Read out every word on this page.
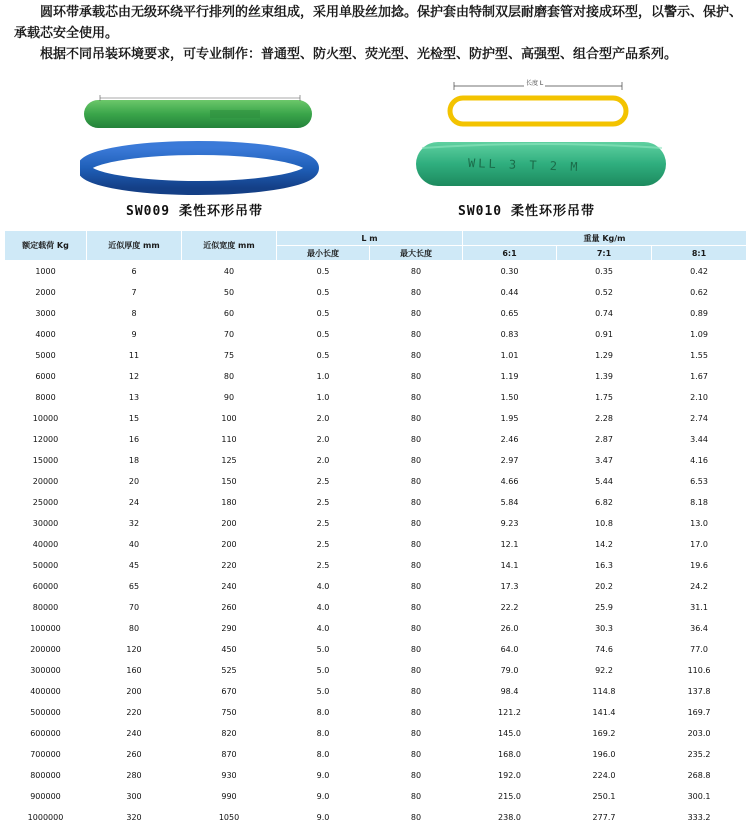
圆环带承载芯由无级环绕平行排列的丝束组成，采用单股丝加捻。保护套由特制双层耐磨套管对接成环型，以警示、保护、承载芯安全使用。

根据不同吊装环境要求，可专业制作：普通型、防火型、荧光型、光检型、防护型、高强型、组合型产品系列。

SW009 柔性环形吊带
长度 L
WLL 3 T 2 M
SW010 柔性环形吊带
额定载荷 Kg	近似厚度 mm	近似宽度 mm	L m		重量 Kg/m		
			最小长度	最大长度	6:1	7:1	8:1
1000	6	40	0.5	80	0.30	0.35	0.42
2000	7	50	0.5	80	0.44	0.52	0.62
3000	8	60	0.5	80	0.65	0.74	0.89
4000	9	70	0.5	80	0.83	0.91	1.09
5000	11	75	0.5	80	1.01	1.29	1.55
6000	12	80	1.0	80	1.19	1.39	1.67
8000	13	90	1.0	80	1.50	1.75	2.10
10000	15	100	2.0	80	1.95	2.28	2.74
12000	16	110	2.0	80	2.46	2.87	3.44
15000	18	125	2.0	80	2.97	3.47	4.16
20000	20	150	2.5	80	4.66	5.44	6.53
25000	24	180	2.5	80	5.84	6.82	8.18
30000	32	200	2.5	80	9.23	10.8	13.0
40000	40	200	2.5	80	12.1	14.2	17.0
50000	45	220	2.5	80	14.1	16.3	19.6
60000	65	240	4.0	80	17.3	20.2	24.2
80000	70	260	4.0	80	22.2	25.9	31.1
100000	80	290	4.0	80	26.0	30.3	36.4
200000	120	450	5.0	80	64.0	74.6	77.0
300000	160	525	5.0	80	79.0	92.2	110.6
400000	200	670	5.0	80	98.4	114.8	137.8
500000	220	750	8.0	80	121.2	141.4	169.7
600000	240	820	8.0	80	145.0	169.2	203.0
700000	260	870	8.0	80	168.0	196.0	235.2
800000	280	930	9.0	80	192.0	224.0	268.8
900000	300	990	9.0	80	215.0	250.1	300.1
1000000	320	1050	9.0	80	238.0	277.7	333.2
